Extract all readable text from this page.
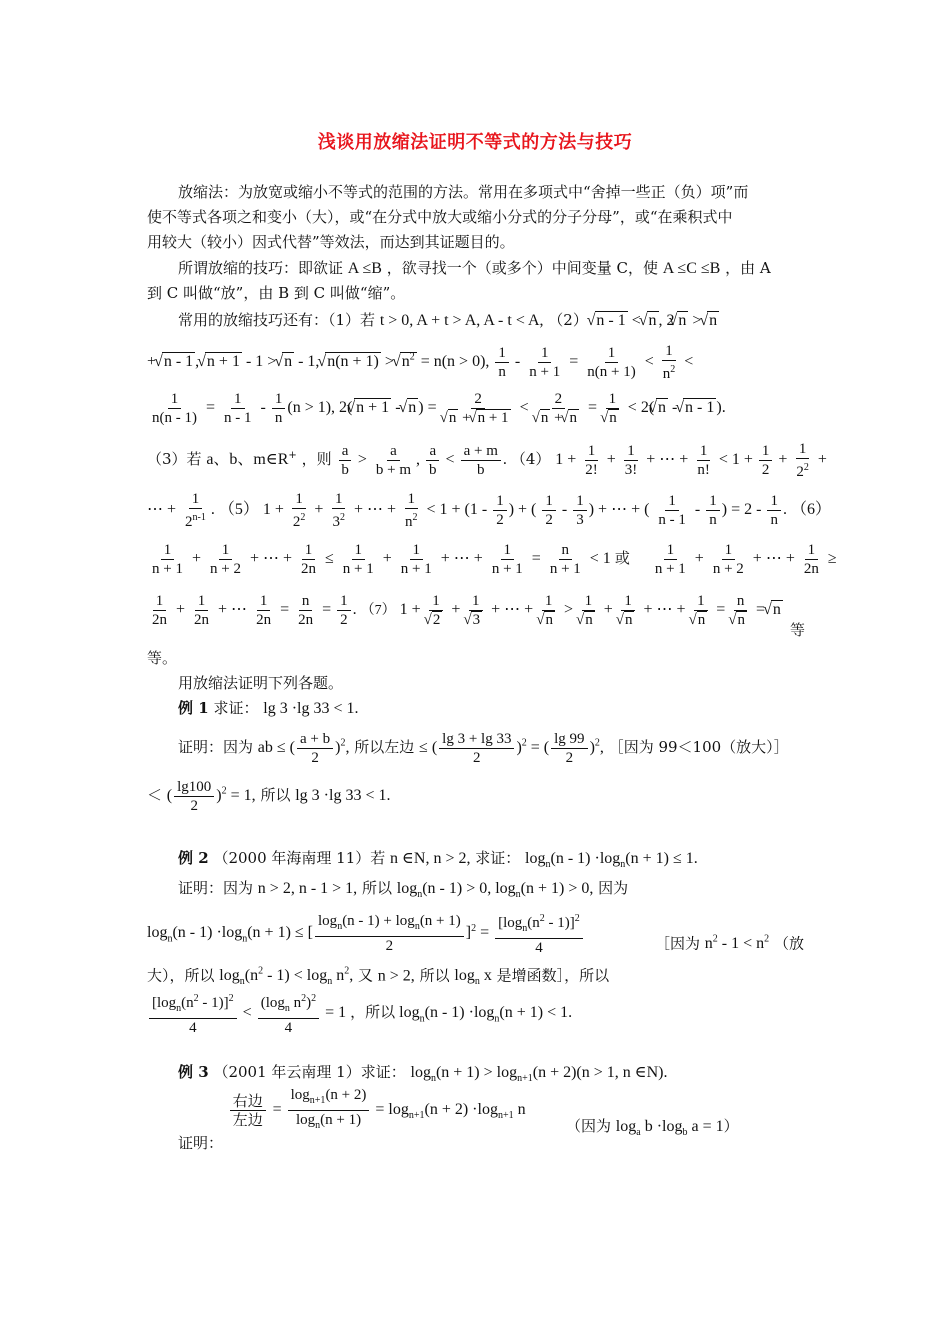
浅谈用放缩法证明不等式的方法与技巧
放缩法：为放宽或缩小不等式的范围的方法。常用在多项式中“舍掉一些正（负）项”而
使不等式各项之和变小（大），或“在分式中放大或缩小分式的分子分母”，或“在乘积式中
用较大（较小）因式代替”等效法，而达到其证题目的。
所谓放缩的技巧：即欲证 A ≤B ，欲寻找一个（或多个）中间变量 C，使 A ≤C ≤B ，由 A
到 C 叫做“放”，由 B 到 C 叫做“缩”。
常用的放缩技巧还有：（1）若 t > 0, A + t > A, A - t < A, （2） √ n - 1 < √ n , 2 √ n > √ n
+ √ n - 1 , √ n + 1 - 1 > √ n - 1, √ n(n + 1) > √ $n^2 = n(n > 0)$, $\frac{1}{n} - \frac{1}{n + 1} = \frac{1}{n(n + 1)} < \frac{1}{n^2}$ <
$\frac{1}{n(n - 1)} = \frac{1}{n - 1} - \frac{1}{n} (n > 1)$, 2( √ n + 1 - √ n ) = 2
√ n + √ n + 1 < 2
√ n + √ n = 1
√ n < 2( √ n - √ n - 1 ).
（3）若 a、b、m∈R+ ，则 $\frac{a}{b} > \frac{a}{b + m}$ , $\frac{a}{b} < \frac{a + m}{b}$ . （4） $1 + \frac{1}{2!} + \frac{1}{3!}$ + ⋯ + $\frac{1}{n!} < 1 + \frac{1}{2} + \frac{1}{2^2}$ +
⋯ + $\frac{1}{2^{n-1}}$ . （5） $1 + \frac{1}{2^2} + \frac{1}{3^2}$ + ⋯ + $\frac{1}{n^2} < 1 + (1 - \frac{1}{2}$ ) + ( $\frac{1}{2} - \frac{1}{3}$ ) + ⋯ + ( $\frac{1}{n - 1} - \frac{1}{n}$ ) = $2 - \frac{1}{n}$ . （6）
$\frac{1}{n + 1} + \frac{1}{n + 2}$ + ⋯ + $\frac{1}{2n} \le \frac{1}{n + 1} + \frac{1}{n + 1}$ + ⋯ + $\frac{1}{n + 1} = \frac{n}{n + 1} < 1$ 或 $\frac{1}{n + 1} + \frac{1}{n + 2}$ + ⋯ + $\frac{1}{2n}$ ≥
$\frac{1}{2n} + \frac{1}{2n}$ + ⋯ $\frac{1}{2n} = \frac{n}{2n} = \frac{1}{2}$ . （7） 1 + 1
√ 2 + 1
√ 3 + ⋯ + 1
√ n > 1
√ n + 1
√ n + ⋯ + 1
√ n = n
√ n = √ n
等
等。
用放缩法证明下列各题。
例 1 求证： lg 3 ·lg 33 < 1.
证明：因为 ab ≤ ( $\frac{a + b}{2} )^2$, 所以左边 ≤ ( $\frac{\lg 3 + \lg 33}{2} )^2$ = ( $\frac{\lg 99}{2} )^2$, ［因为 99＜100（放大）］
＜ ( $\frac{\lg 100}{2} )^2 = 1$, 所以 lg 3 ·lg 33 < 1.
例 2 （2000 年海南理 11）若 n ∈N, n > 2, 求证： $\log_n(n - 1) \cdot\log_n(n + 1) \le 1$.
证明：因为 n > 2, n - 1 > 1, 所以 $\log_n(n - 1) > 0$, $\log_n(n + 1) > 0$, 因为
$\log_n(n - 1) \cdot\log_n(n + 1)$ ≤ [ $\frac{\log_n(n - 1) + \log_n(n + 1)}{2} ]^2 = \frac{[\log_n(n^2 - 1)]^2}{4}$	［因为 $n^2 - 1 < n^2$ （放
大），所以 $\log_n(n^2 - 1) < \log_n n^2$, 又 n > 2, 所以 $\log_n x$ 是增函数］，所以
$\frac{[\log_n(n^2 - 1)]^2}{4} < \frac{(\log_n n^2)^2}{4} = 1$ ，所以 $\log_n(n - 1) \cdot\log_n(n + 1) < 1$.
例 3 （2001 年云南理 1）求证： $\log_n(n + 1) > \log_{n+1}(n + 2)(n > 1$, n ∈N).
证明：
$\frac{\text{右边}}{\text{左边}} = \frac{\log_{n+1}(n + 2)}{\log_n(n + 1)} = \log_{n+1}(n + 2) \cdot\log_{n+1}$ n
（因为 $\log_a b \cdot\log_b$ a = 1）
